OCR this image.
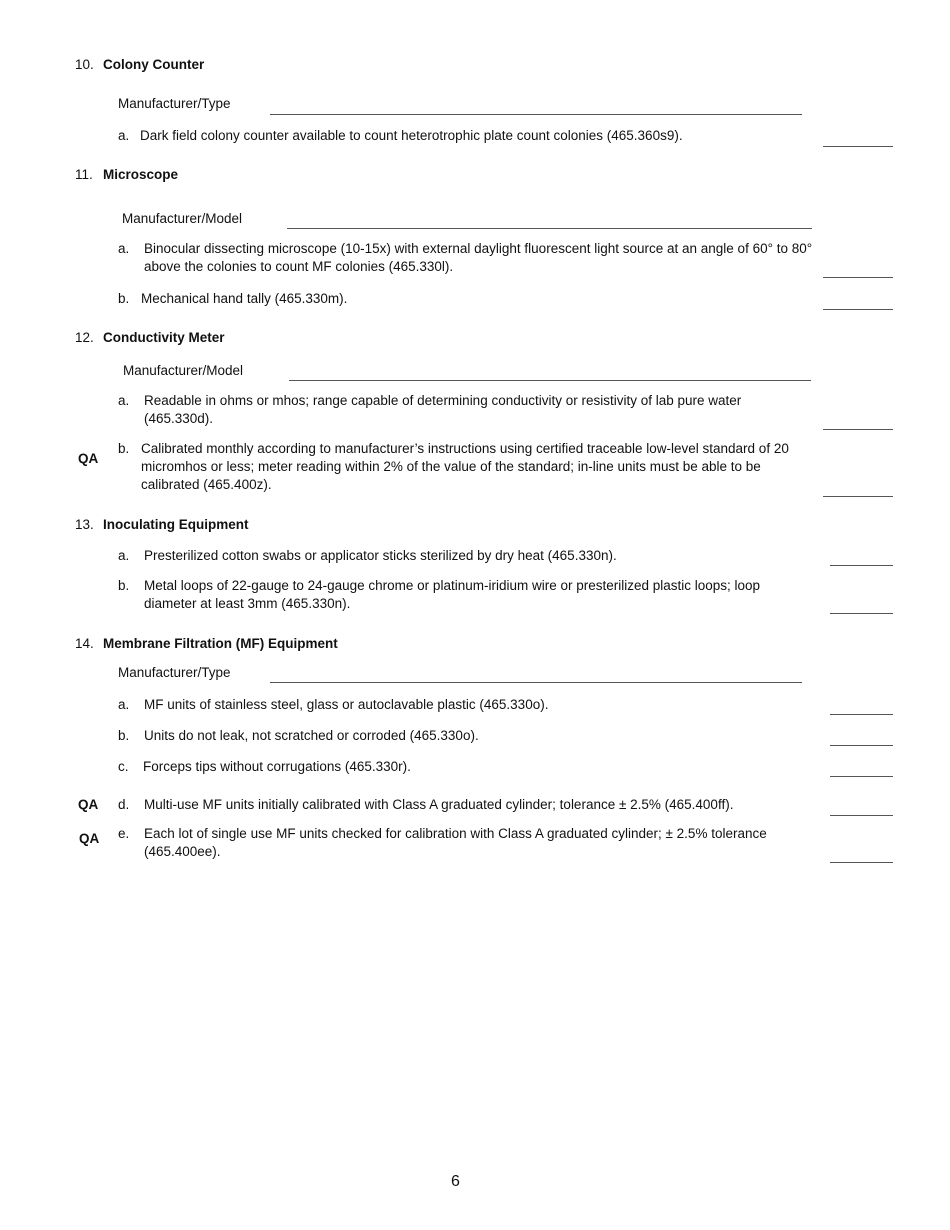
10. Colony Counter
Manufacturer/Type
a. Dark field colony counter available to count heterotrophic plate count colonies (465.360s9).
11. Microscope
Manufacturer/Model
a. Binocular dissecting microscope (10-15x) with external daylight fluorescent light source at an angle of 60° to 80° above the colonies to count MF colonies (465.330l).
b. Mechanical hand tally (465.330m).
12. Conductivity Meter
Manufacturer/Model
a. Readable in ohms or mhos; range capable of determining conductivity or resistivity of lab pure water (465.330d).
QA
b. Calibrated monthly according to manufacturer’s instructions using certified traceable low-level standard of 20 micromhos or less; meter reading within 2% of the value of the standard; in-line units must be able to be calibrated (465.400z).
13. Inoculating Equipment
a. Presterilized cotton swabs or applicator sticks sterilized by dry heat (465.330n).
b. Metal loops of 22-gauge to 24-gauge chrome or platinum-iridium wire or presterilized plastic loops; loop diameter at least 3mm (465.330n).
14. Membrane Filtration (MF) Equipment
Manufacturer/Type
a. MF units of stainless steel, glass or autoclavable plastic (465.330o).
b. Units do not leak, not scratched or corroded (465.330o).
c. Forceps tips without corrugations (465.330r).
QA d. Multi-use MF units initially calibrated with Class A graduated cylinder; tolerance ± 2.5% (465.400ff).
QA e. Each lot of single use MF units checked for calibration with Class A graduated cylinder; ± 2.5% tolerance (465.400ee).
6
